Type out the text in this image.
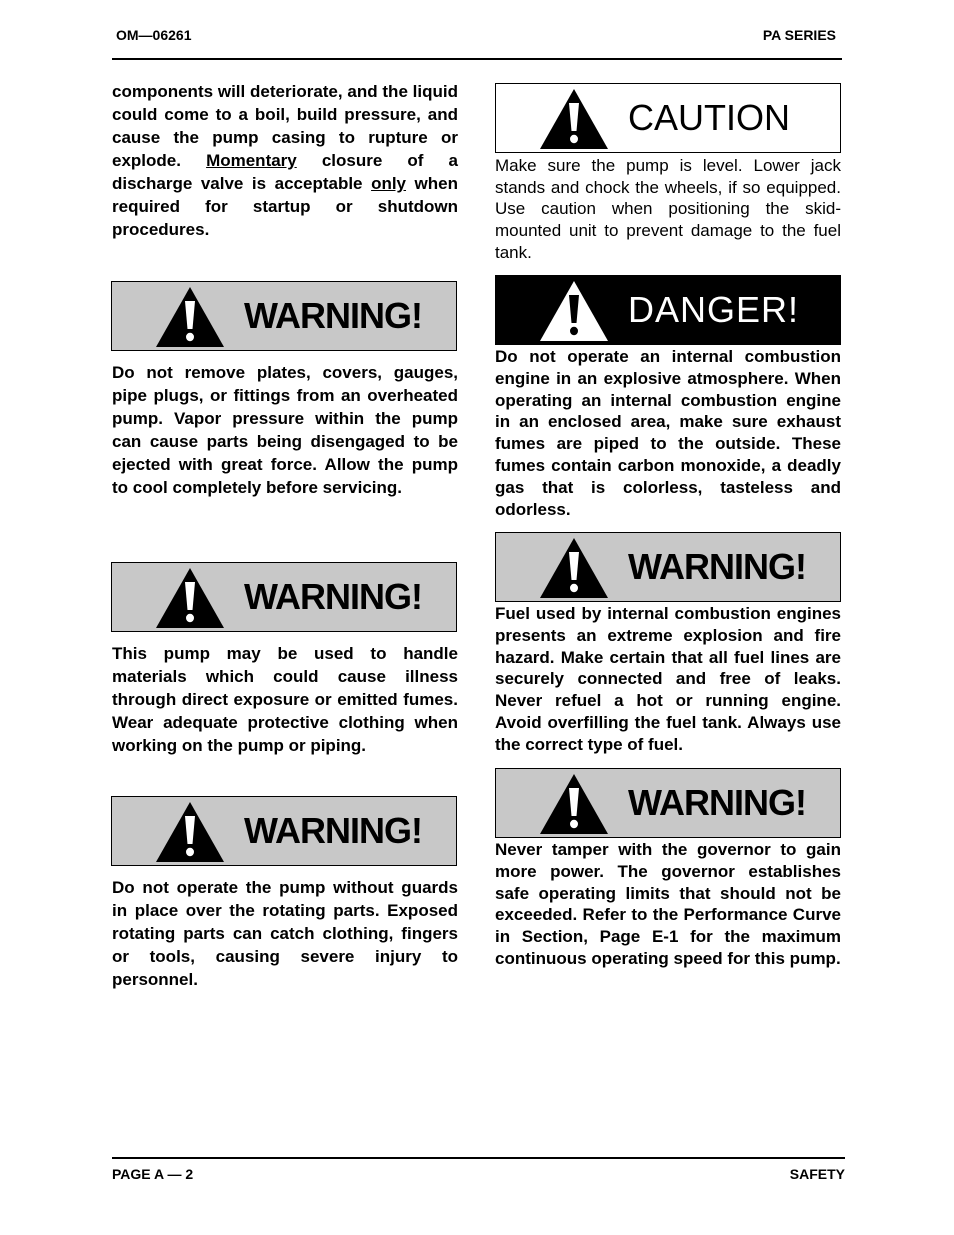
OM—06261	PA SERIES

components will deteriorate, and the liquid could come to a boil, build pressure, and cause the pump casing to rupture or explode. Momentary closure of a discharge valve is acceptable only when required for startup or shutdown procedures.

WARNING!

Do not remove plates, covers, gauges, pipe plugs, or fittings from an overheated pump. Vapor pressure within the pump can cause parts being disengaged to be ejected with great force. Allow the pump to cool completely before servicing.

WARNING!

This pump may be used to handle materials which could cause illness through direct exposure or emitted fumes. Wear adequate protective clothing when working on the pump or piping.

WARNING!

Do not operate the pump without guards in place over the rotating parts. Exposed rotating parts can catch clothing, fingers or tools, causing severe injury to personnel.

CAUTION

Make sure the pump is level. Lower jack stands and chock the wheels, if so equipped. Use caution when positioning the skid-mounted unit to prevent damage to the fuel tank.

DANGER!

Do not operate an internal combustion engine in an explosive atmosphere. When operating an internal combustion engine in an enclosed area, make sure exhaust fumes are piped to the outside. These fumes contain carbon monoxide, a deadly gas that is colorless, tasteless and odorless.

WARNING!

Fuel used by internal combustion engines presents an extreme explosion and fire hazard. Make certain that all fuel lines are securely connected and free of leaks. Never refuel a hot or running engine. Avoid overfilling the fuel tank. Always use the correct type of fuel.

WARNING!

Never tamper with the governor to gain more power. The governor establishes safe operating limits that should not be exceeded. Refer to the Performance Curve in Section, Page E-1 for the maximum continuous operating speed for this pump.

PAGE A — 2	SAFETY
